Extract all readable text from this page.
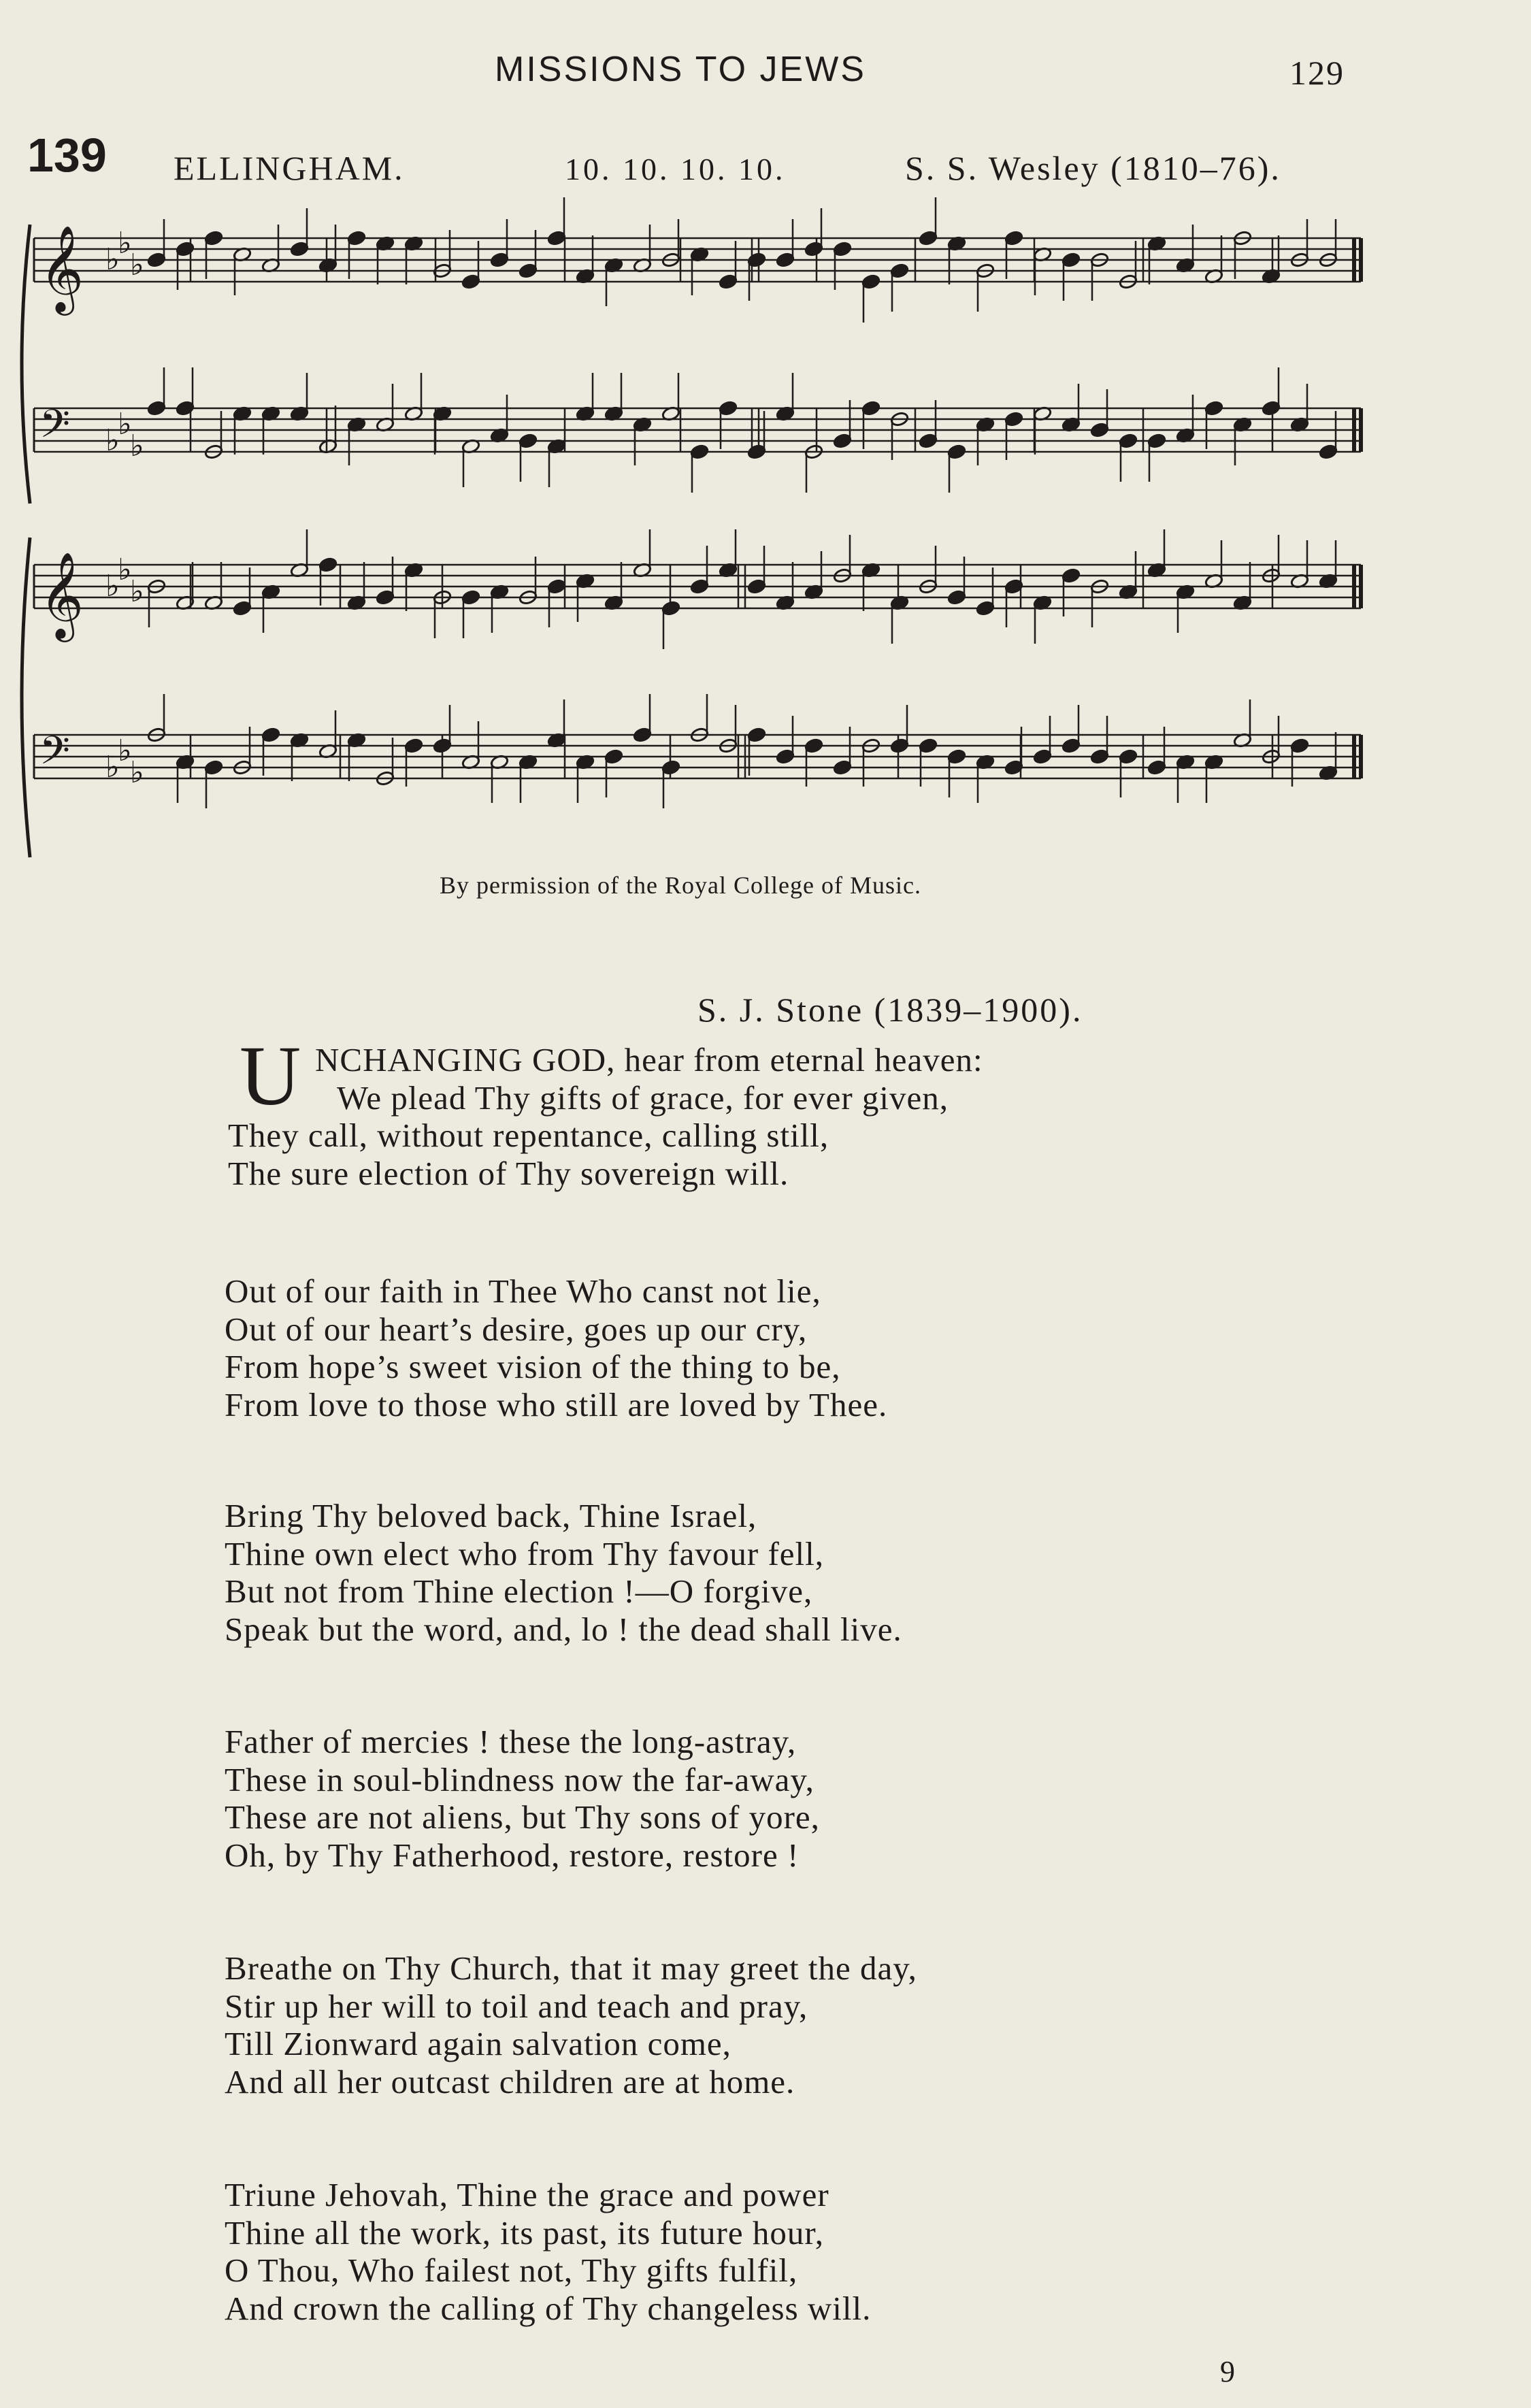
MISSIONS TO JEWS	129
139 ELLINGHAM.	10. 10. 10. 10.	S. S. Wesley (1810–76).
𝄞 ♭
♭
♭
𝄢 ♭
♭
♭
𝄞 ♭
♭
♭
𝄢 ♭
♭
♭
By permission of the Royal College of Music.
S. J. Stone (1839–1900).
U NCHANGING GOD, hear from eternal heaven:
We plead Thy gifts of grace, for ever given,
They call, without repentance, calling still,
The sure election of Thy sovereign will.
Out of our faith in Thee Who canst not lie,
Out of our heart’s desire, goes up our cry,
From hope’s sweet vision of the thing to be,
From love to those who still are loved by Thee.
Bring Thy beloved back, Thine Israel,
Thine own elect who from Thy favour fell,
But not from Thine election !—O forgive,
Speak but the word, and, lo ! the dead shall live.
Father of mercies ! these the long-astray,
These in soul-blindness now the far-away,
These are not aliens, but Thy sons of yore,
Oh, by Thy Fatherhood, restore, restore !
Breathe on Thy Church, that it may greet the day,
Stir up her will to toil and teach and pray,
Till Zionward again salvation come,
And all her outcast children are at home.
Triune Jehovah, Thine the grace and power
Thine all the work, its past, its future hour,
O Thou, Who failest not, Thy gifts fulfil,
And crown the calling of Thy changeless will.
9
